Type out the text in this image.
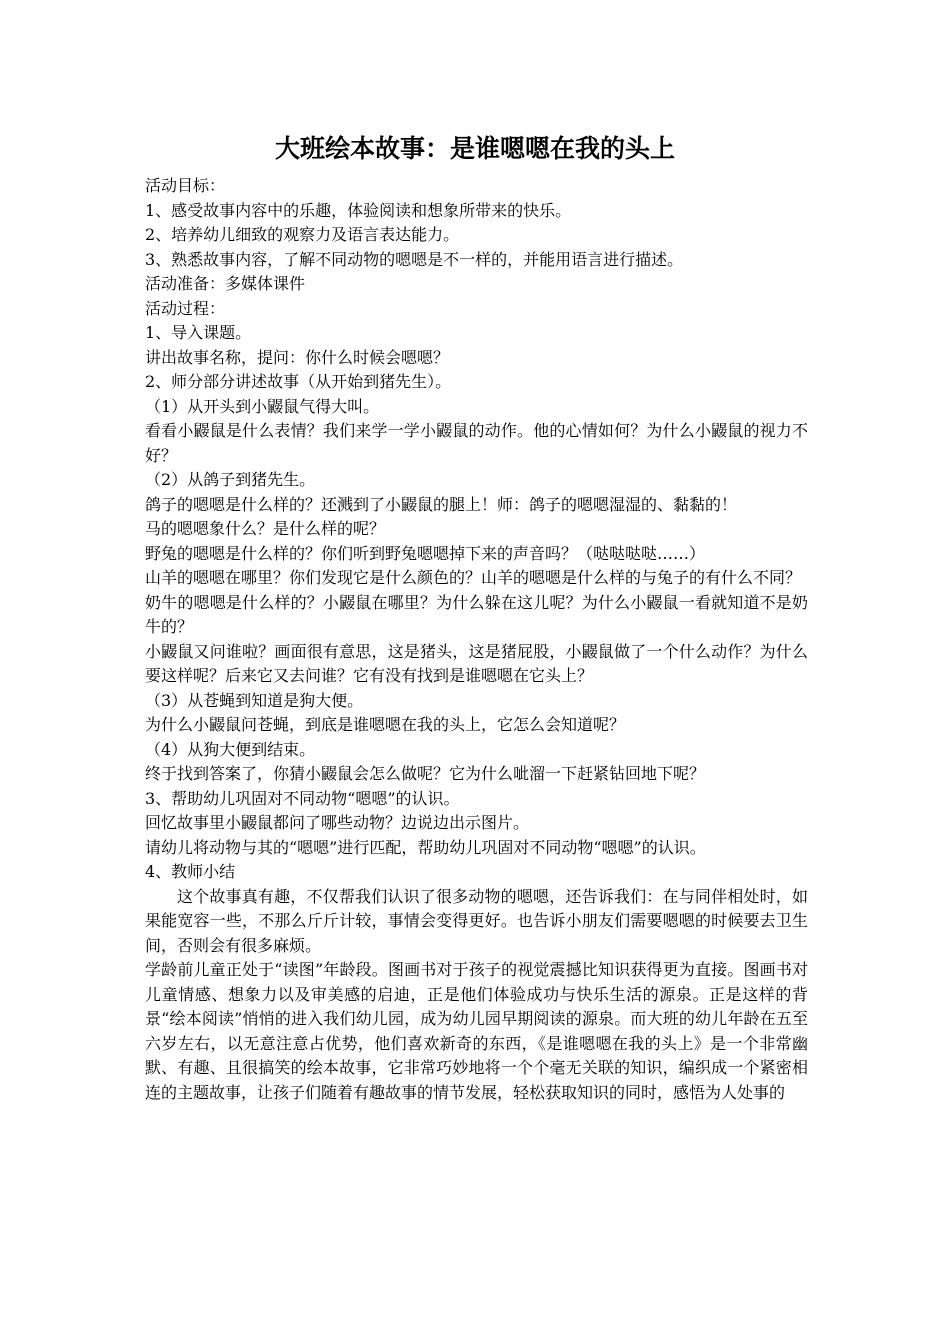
大班绘本故事：是谁嗯嗯在我的头上

活动目标：

1、感受故事内容中的乐趣，体验阅读和想象所带来的快乐。

2、培养幼儿细致的观察力及语言表达能力。

3、熟悉故事内容，了解不同动物的嗯嗯是不一样的，并能用语言进行描述。

活动准备：多媒体课件

活动过程：

1、导入课题。

讲出故事名称，提问：你什么时候会嗯嗯？

2、师分部分讲述故事（从开始到猪先生）。

（1）从开头到小鼹鼠气得大叫。

看看小鼹鼠是什么表情？我们来学一学小鼹鼠的动作。他的心情如何？为什么小鼹鼠的视力不好？

（2）从鸽子到猪先生。

鸽子的嗯嗯是什么样的？还溅到了小鼹鼠的腿上！师：鸽子的嗯嗯湿湿的、黏黏的！

马的嗯嗯象什么？是什么样的呢？

野兔的嗯嗯是什么样的？你们听到野兔嗯嗯掉下来的声音吗？（哒哒哒哒……）

山羊的嗯嗯在哪里？你们发现它是什么颜色的？山羊的嗯嗯是什么样的与兔子的有什么不同？

奶牛的嗯嗯是什么样的？小鼹鼠在哪里？为什么躲在这儿呢？为什么小鼹鼠一看就知道不是奶牛的？

小鼹鼠又问谁啦？画面很有意思，这是猪头，这是猪屁股，小鼹鼠做了一个什么动作？为什么要这样呢？后来它又去问谁？它有没有找到是谁嗯嗯在它头上？

（3）从苍蝇到知道是狗大便。

为什么小鼹鼠问苍蝇，到底是谁嗯嗯在我的头上，它怎么会知道呢？

（4）从狗大便到结束。

终于找到答案了，你猜小鼹鼠会怎么做呢？它为什么呲溜一下赶紧钻回地下呢？

3、帮助幼儿巩固对不同动物“嗯嗯”的认识。

回忆故事里小鼹鼠都问了哪些动物？边说边出示图片。

请幼儿将动物与其的“嗯嗯”进行匹配，帮助幼儿巩固对不同动物“嗯嗯”的认识。

4、教师小结

这个故事真有趣，不仅帮我们认识了很多动物的嗯嗯，还告诉我们：在与同伴相处时，如果能宽容一些，不那么斤斤计较，事情会变得更好。也告诉小朋友们需要嗯嗯的时候要去卫生间，否则会有很多麻烦。

学龄前儿童正处于“读图”年龄段。图画书对于孩子的视觉震撼比知识获得更为直接。图画书对儿童情感、想象力以及审美感的启迪，正是他们体验成功与快乐生活的源泉。正是这样的背景“绘本阅读”悄悄的进入我们幼儿园，成为幼儿园早期阅读的源泉。而大班的幼儿年龄在五至六岁左右，以无意注意占优势，他们喜欢新奇的东西，《是谁嗯嗯在我的头上》是一个非常幽默、有趣、且很搞笑的绘本故事，它非常巧妙地将一个个毫无关联的知识，编织成一个紧密相连的主题故事，让孩子们随着有趣故事的情节发展，轻松获取知识的同时，感悟为人处事的
